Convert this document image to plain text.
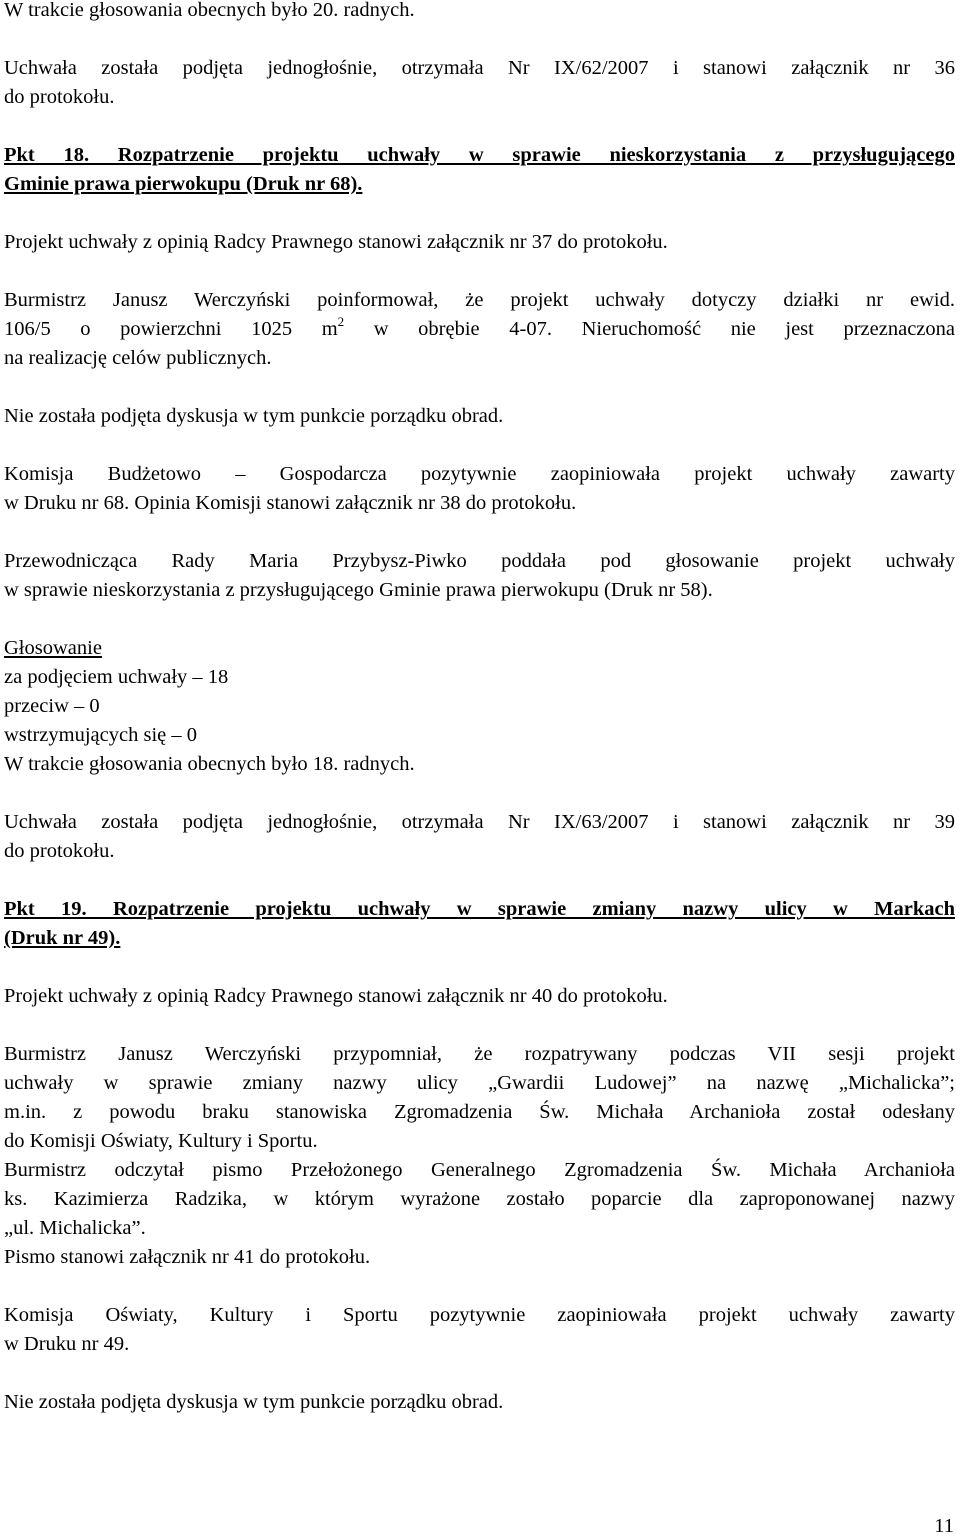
W trakcie głosowania obecnych było 20. radnych.
Uchwała została podjęta jednogłośnie, otrzymała Nr IX/62/2007 i stanowi załącznik nr 36
do protokołu.
Pkt 18. Rozpatrzenie projektu uchwały w sprawie nieskorzystania z przysługującego
Gminie prawa pierwokupu (Druk nr 68).
Projekt uchwały z opinią Radcy Prawnego stanowi załącznik nr 37 do protokołu.
Burmistrz Janusz Werczyński poinformował, że projekt uchwały dotyczy działki nr ewid.
106/5 o powierzchni 1025 $m^2$ w obrębie 4-07. Nieruchomość nie jest przeznaczona
na realizację celów publicznych.
Nie została podjęta dyskusja w tym punkcie porządku obrad.
Komisja Budżetowo – Gospodarcza pozytywnie zaopiniowała projekt uchwały zawarty
w Druku nr 68. Opinia Komisji stanowi załącznik nr 38 do protokołu.
Przewodnicząca Rady Maria Przybysz-Piwko poddała pod głosowanie projekt uchwały
w sprawie nieskorzystania z przysługującego Gminie prawa pierwokupu (Druk nr 58).
Głosowanie
za podjęciem uchwały – 18
przeciw – 0
wstrzymujących się – 0
W trakcie głosowania obecnych było 18. radnych.
Uchwała została podjęta jednogłośnie, otrzymała Nr IX/63/2007 i stanowi załącznik nr 39
do protokołu.
Pkt 19. Rozpatrzenie projektu uchwały w sprawie zmiany nazwy ulicy w Markach
(Druk nr 49).
Projekt uchwały z opinią Radcy Prawnego stanowi załącznik nr 40 do protokołu.
Burmistrz Janusz Werczyński przypomniał, że rozpatrywany podczas VII sesji projekt
uchwały w sprawie zmiany nazwy ulicy „Gwardii Ludowej” na nazwę „Michalicka”;
m.in. z powodu braku stanowiska Zgromadzenia Św. Michała Archanioła został odesłany
do Komisji Oświaty, Kultury i Sportu.
Burmistrz odczytał pismo Przełożonego Generalnego Zgromadzenia Św. Michała Archanioła
ks. Kazimierza Radzika, w którym wyrażone zostało poparcie dla zaproponowanej nazwy
„ul. Michalicka”.
Pismo stanowi załącznik nr 41 do protokołu.
Komisja Oświaty, Kultury i Sportu pozytywnie zaopiniowała projekt uchwały zawarty
w Druku nr 49.
Nie została podjęta dyskusja w tym punkcie porządku obrad.
11
